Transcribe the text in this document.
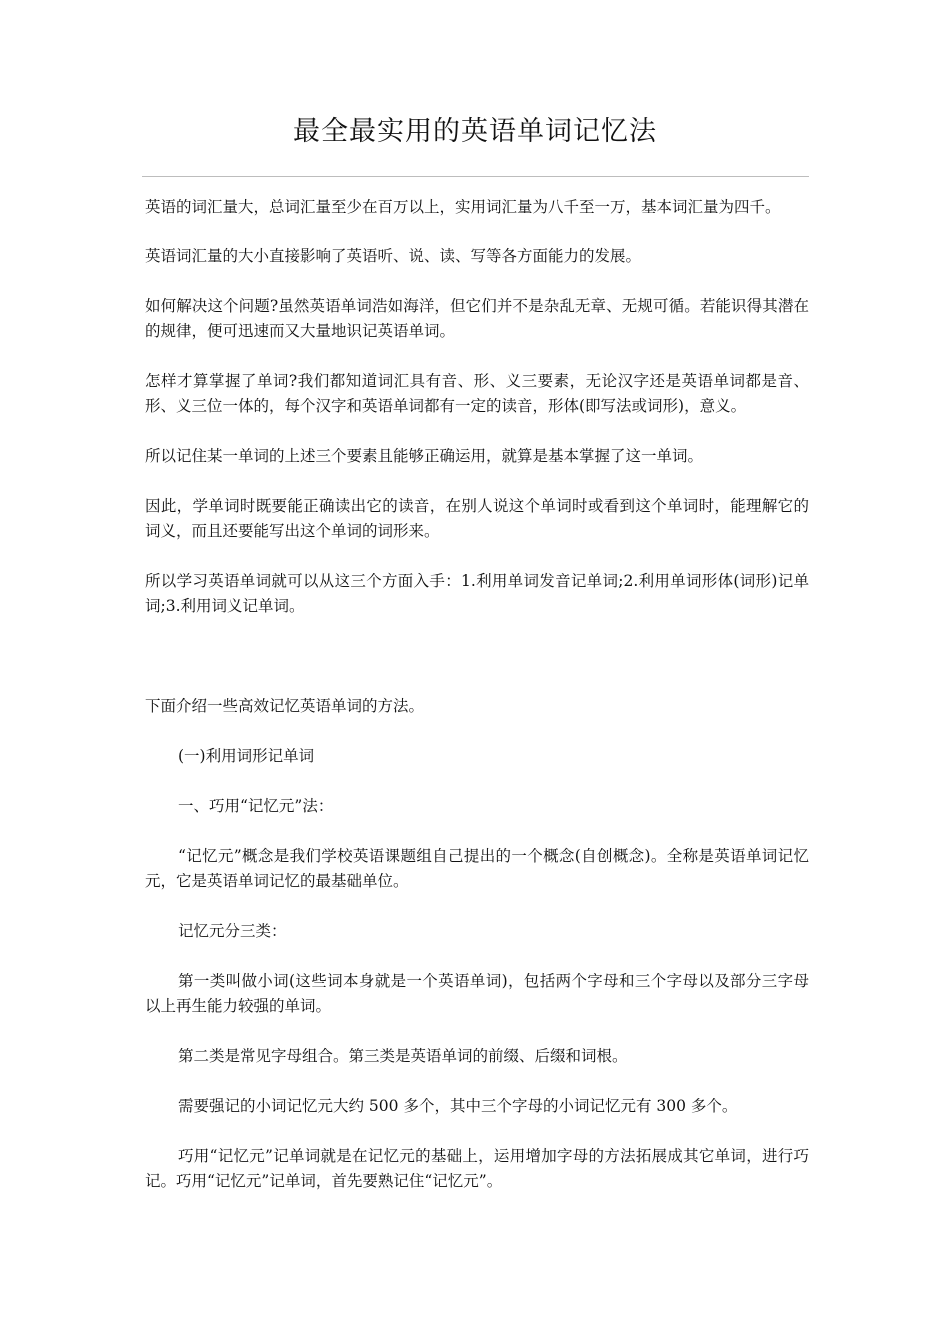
最全最实用的英语单词记忆法

英语的词汇量大，总词汇量至少在百万以上，实用词汇量为八千至一万，基本词汇量为四千。

英语词汇量的大小直接影响了英语听、说、读、写等各方面能力的发展。

如何解决这个问题?虽然英语单词浩如海洋，但它们并不是杂乱无章、无规可循。若能识得其潜在的规律，便可迅速而又大量地识记英语单词。

怎样才算掌握了单词?我们都知道词汇具有音、形、义三要素，无论汉字还是英语单词都是音、形、义三位一体的，每个汉字和英语单词都有一定的读音，形体(即写法或词形)，意义。

所以记住某一单词的上述三个要素且能够正确运用，就算是基本掌握了这一单词。

因此，学单词时既要能正确读出它的读音，在别人说这个单词时或看到这个单词时，能理解它的词义，而且还要能写出这个单词的词形来。

所以学习英语单词就可以从这三个方面入手：1.利用单词发音记单词;2.利用单词形体(词形)记单词;3.利用词义记单词。

下面介绍一些高效记忆英语单词的方法。

(一)利用词形记单词

一、巧用“记忆元”法：

“记忆元”概念是我们学校英语课题组自己提出的一个概念(自创概念)。全称是英语单词记忆元，它是英语单词记忆的最基础单位。

记忆元分三类：

第一类叫做小词(这些词本身就是一个英语单词)，包括两个字母和三个字母以及部分三字母以上再生能力较强的单词。

第二类是常见字母组合。第三类是英语单词的前缀、后缀和词根。

需要强记的小词记忆元大约 500 多个，其中三个字母的小词记忆元有 300 多个。

巧用“记忆元”记单词就是在记忆元的基础上，运用增加字母的方法拓展成其它单词，进行巧记。巧用“记忆元”记单词，首先要熟记住“记忆元”。
